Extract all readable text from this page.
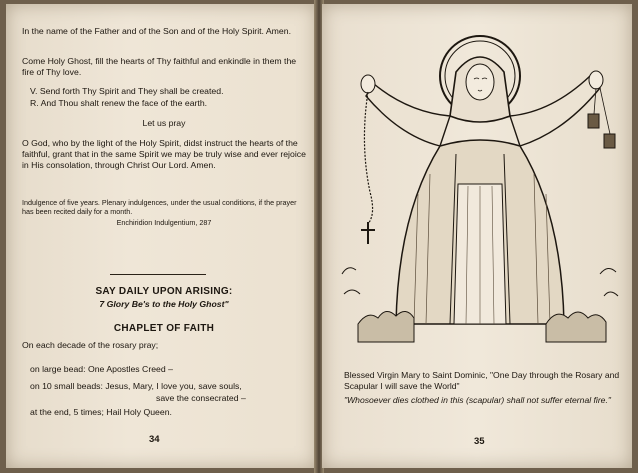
In the name of the Father and of the Son and of the Holy Spirit. Amen.
Come Holy Ghost, fill the hearts of Thy faithful and enkindle in them the fire of Thy love.
V. Send forth Thy Spirit and They shall be created.
R. And Thou shalt renew the face of the earth.
Let us pray
O God, who by the light of the Holy Spirit, didst instruct the hearts of the faithful, grant that in the same Spirit we may be truly wise and ever rejoice in His consolation, through Christ Our Lord. Amen.
Indulgence of five years. Plenary indulgences, under the usual conditions, if the prayer has been recited daily for a month.
Enchiridion Indulgentium, 287
SAY DAILY UPON ARISING:
7 Glory Be's to the Holy Ghost"
CHAPLET OF FAITH
On each decade of the rosary pray;
on large bead: One Apostles Creed –
on 10 small beads: Jesus, Mary, I love you, save souls,
save the consecrated –
at the end, 5 times; Hail Holy Queen.
34
Blessed Virgin Mary to Saint Dominic, "One Day through the Rosary and Scapular I will save the World"
"Whosoever dies clothed in this (scapular) shall not suffer eternal fire."
35
